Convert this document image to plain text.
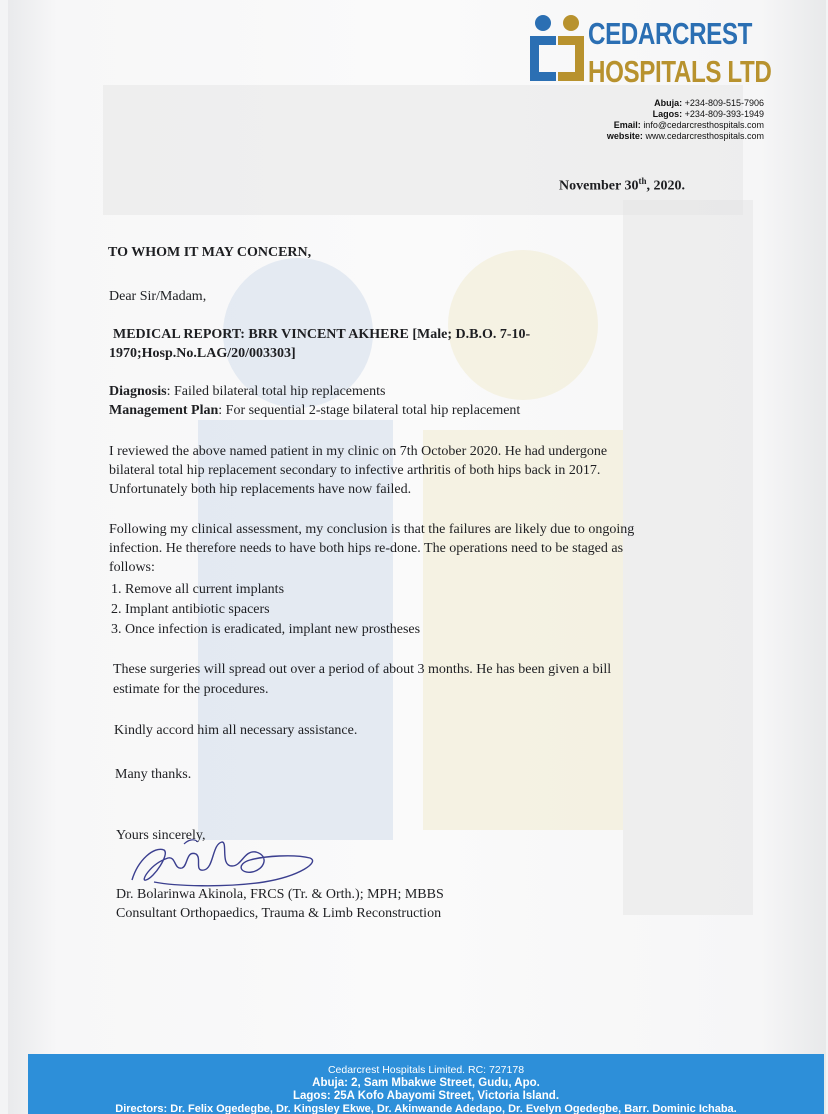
CEDARCREST
HOSPITALS LTD
Abuja: +234-809-515-7906
Lagos: +234-809-393-1949
Email: info@cedarcresthospitals.com
website: www.cedarcresthospitals.com
November 30th, 2020.
TO WHOM IT MAY CONCERN,
Dear Sir/Madam,
MEDICAL REPORT: BRR VINCENT AKHERE [Male; D.B.O. 7-10-
1970;Hosp.No.LAG/20/003303]
Diagnosis: Failed bilateral total hip replacements
Management Plan: For sequential 2-stage bilateral total hip replacement
I reviewed the above named patient in my clinic on 7th October 2020. He had undergone
bilateral total hip replacement secondary to infective arthritis of both hips back in 2017.
Unfortunately both hip replacements have now failed.
Following my clinical assessment, my conclusion is that the failures are likely due to ongoing
infection. He therefore needs to have both hips re-done. The operations need to be staged as
follows:
1. Remove all current implants
2. Implant antibiotic spacers
3. Once infection is eradicated, implant new prostheses
These surgeries will spread out over a period of about 3 months. He has been given a bill
estimate for the procedures.
Kindly accord him all necessary assistance.
Many thanks.
Yours sincerely,
Dr. Bolarinwa Akinola, FRCS (Tr. & Orth.); MPH; MBBS
Consultant Orthopaedics, Trauma & Limb Reconstruction
Cedarcrest Hospitals Limited. RC: 727178
Abuja: 2, Sam Mbakwe Street, Gudu, Apo.
Lagos: 25A Kofo Abayomi Street, Victoria Island.
Directors: Dr. Felix Ogedegbe, Dr. Kingsley Ekwe, Dr. Akinwande Adedapo, Dr. Evelyn Ogedegbe, Barr. Dominic Ichaba.
